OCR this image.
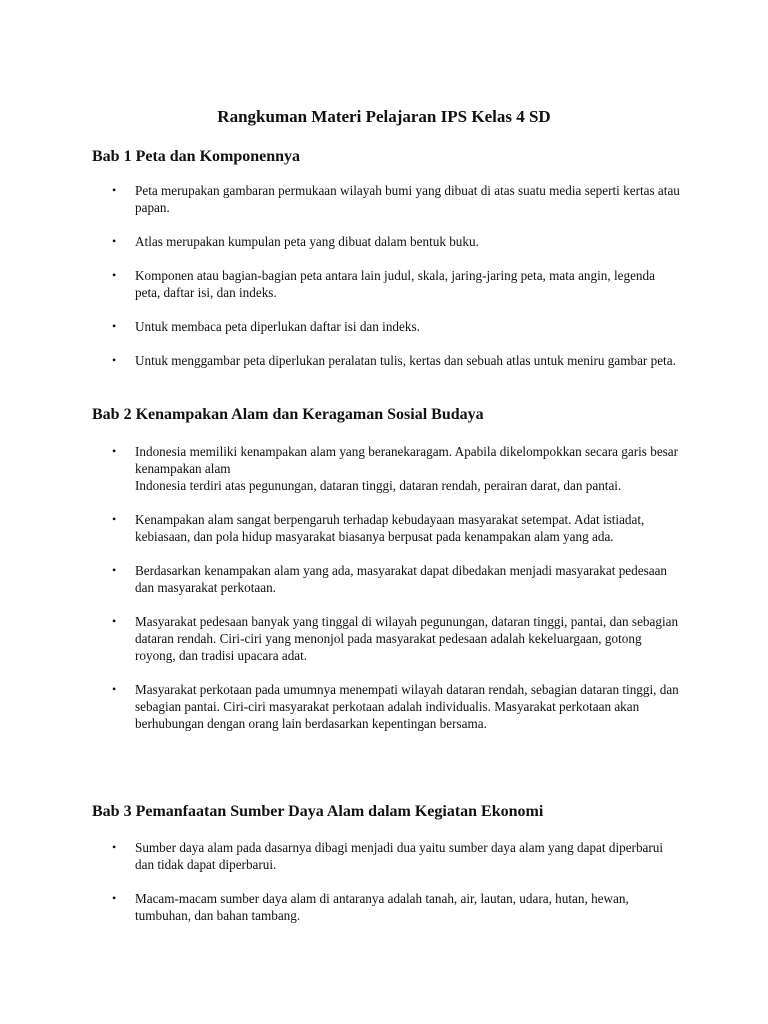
Rangkuman Materi Pelajaran IPS Kelas 4 SD
Bab 1 Peta dan Komponennya
•	Peta merupakan gambaran permukaan wilayah bumi yang dibuat di atas suatu media seperti kertas atau papan.
•	Atlas merupakan kumpulan peta yang dibuat dalam bentuk buku.
•	Komponen atau bagian-bagian peta antara lain judul, skala, jaring-jaring peta, mata angin, legenda peta, daftar isi, dan indeks.
•	Untuk membaca peta diperlukan daftar isi dan indeks.
•	Untuk menggambar peta diperlukan peralatan tulis, kertas dan sebuah atlas untuk meniru gambar peta.
Bab 2 Kenampakan Alam dan Keragaman Sosial Budaya
•	Indonesia memiliki kenampakan alam yang beranekaragam. Apabila dikelompokkan secara garis besar kenampakan alam
Indonesia terdiri atas pegunungan, dataran tinggi, dataran rendah, perairan darat, dan pantai.
•	Kenampakan alam sangat berpengaruh terhadap kebudayaan masyarakat setempat. Adat istiadat, kebiasaan, dan pola hidup masyarakat biasanya berpusat pada kenampakan alam yang ada.
•	Berdasarkan kenampakan alam yang ada, masyarakat dapat dibedakan menjadi masyarakat pedesaan dan masyarakat perkotaan.
•	Masyarakat pedesaan banyak yang tinggal di wilayah pegunungan, dataran tinggi, pantai, dan sebagian dataran rendah. Ciri-ciri yang menonjol pada masyarakat pedesaan adalah kekeluargaan, gotong royong, dan tradisi upacara adat.
•	Masyarakat perkotaan pada umumnya menempati wilayah dataran rendah, sebagian dataran tinggi, dan sebagian pantai. Ciri-ciri masyarakat perkotaan adalah individualis. Masyarakat perkotaan akan berhubungan dengan orang lain berdasarkan kepentingan bersama.
Bab 3 Pemanfaatan Sumber Daya Alam dalam Kegiatan Ekonomi
•	Sumber daya alam pada dasarnya dibagi menjadi dua yaitu sumber daya alam yang dapat diperbarui dan tidak dapat diperbarui.
•	Macam-macam sumber daya alam di antaranya adalah tanah, air, lautan, udara, hutan, hewan, tumbuhan, dan bahan tambang.
